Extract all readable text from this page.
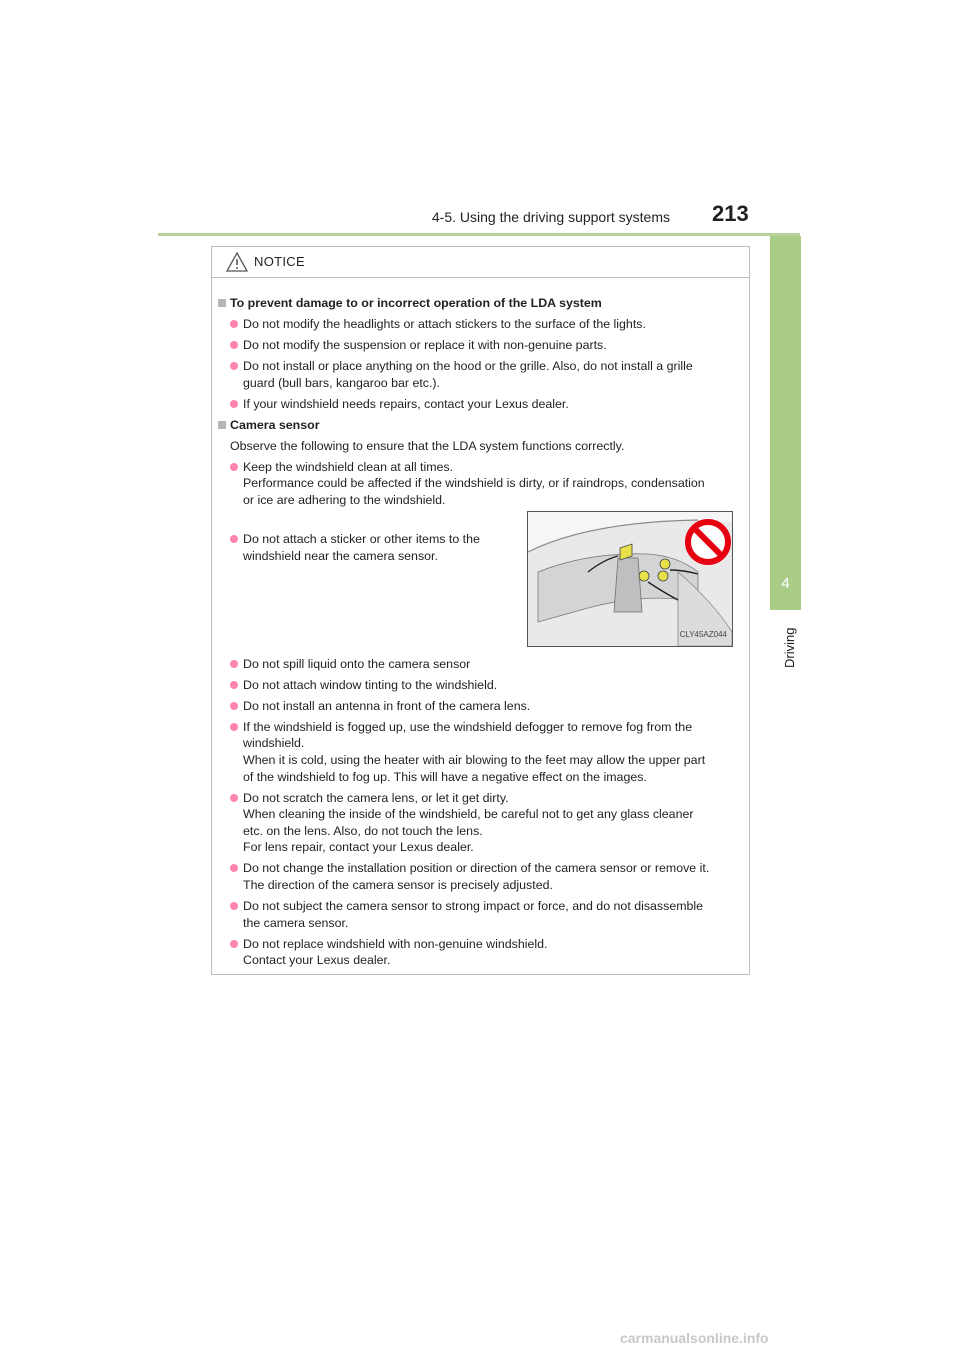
4-5. Using the driving support systems 213
4
Driving
NOTICE
To prevent damage to or incorrect operation of the LDA system
Do not modify the headlights or attach stickers to the surface of the lights.
Do not modify the suspension or replace it with non-genuine parts.
Do not install or place anything on the hood or the grille. Also, do not install a grille
guard (bull bars, kangaroo bar etc.).
If your windshield needs repairs, contact your Lexus dealer.
Camera sensor
Observe the following to ensure that the LDA system functions correctly.
Keep the windshield clean at all times.
Performance could be affected if the windshield is dirty, or if raindrops, condensation
or ice are adhering to the windshield.
Do not attach a sticker or other items to the
windshield near the camera sensor.
CLY45AZ044
Do not spill liquid onto the camera sensor
Do not attach window tinting to the windshield.
Do not install an antenna in front of the camera lens.
If the windshield is fogged up, use the windshield defogger to remove fog from the
windshield.
When it is cold, using the heater with air blowing to the feet may allow the upper part
of the windshield to fog up. This will have a negative effect on the images.
Do not scratch the camera lens, or let it get dirty.
When cleaning the inside of the windshield, be careful not to get any glass cleaner
etc. on the lens. Also, do not touch the lens.
For lens repair, contact your Lexus dealer.
Do not change the installation position or direction of the camera sensor or remove it.
The direction of the camera sensor is precisely adjusted.
Do not subject the camera sensor to strong impact or force, and do not disassemble
the camera sensor.
Do not replace windshield with non-genuine windshield.
Contact your Lexus dealer.
carmanualsonline.info
